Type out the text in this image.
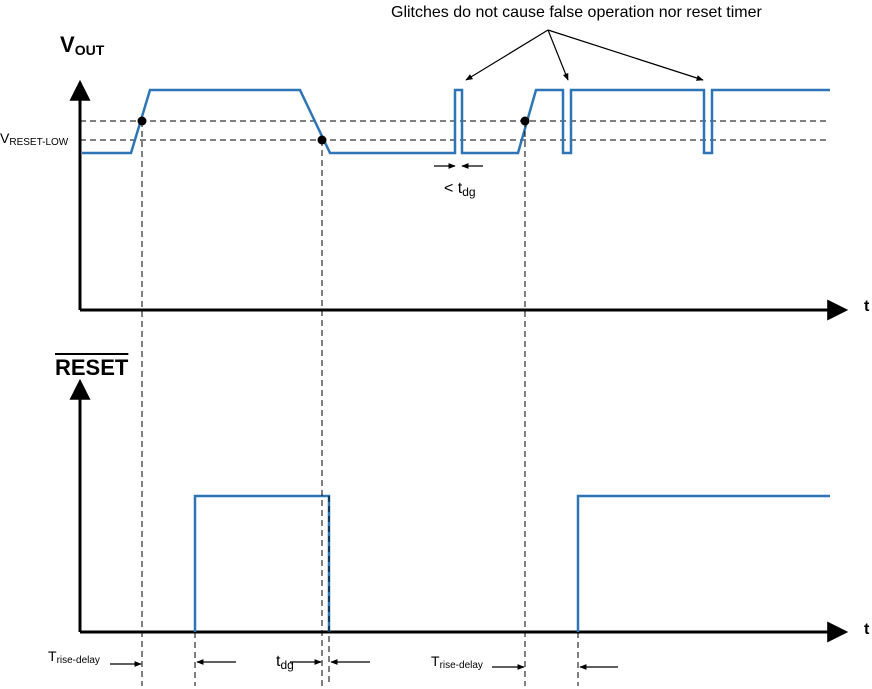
Glitches do not cause false operation nor reset timer
$V_{OUT}$
$V_{RESET-LOW}$
< $t_{dg}$
t
RESET
t
$T_{rise-delay}$	$t_{dg}$	$T_{rise-delay}$
